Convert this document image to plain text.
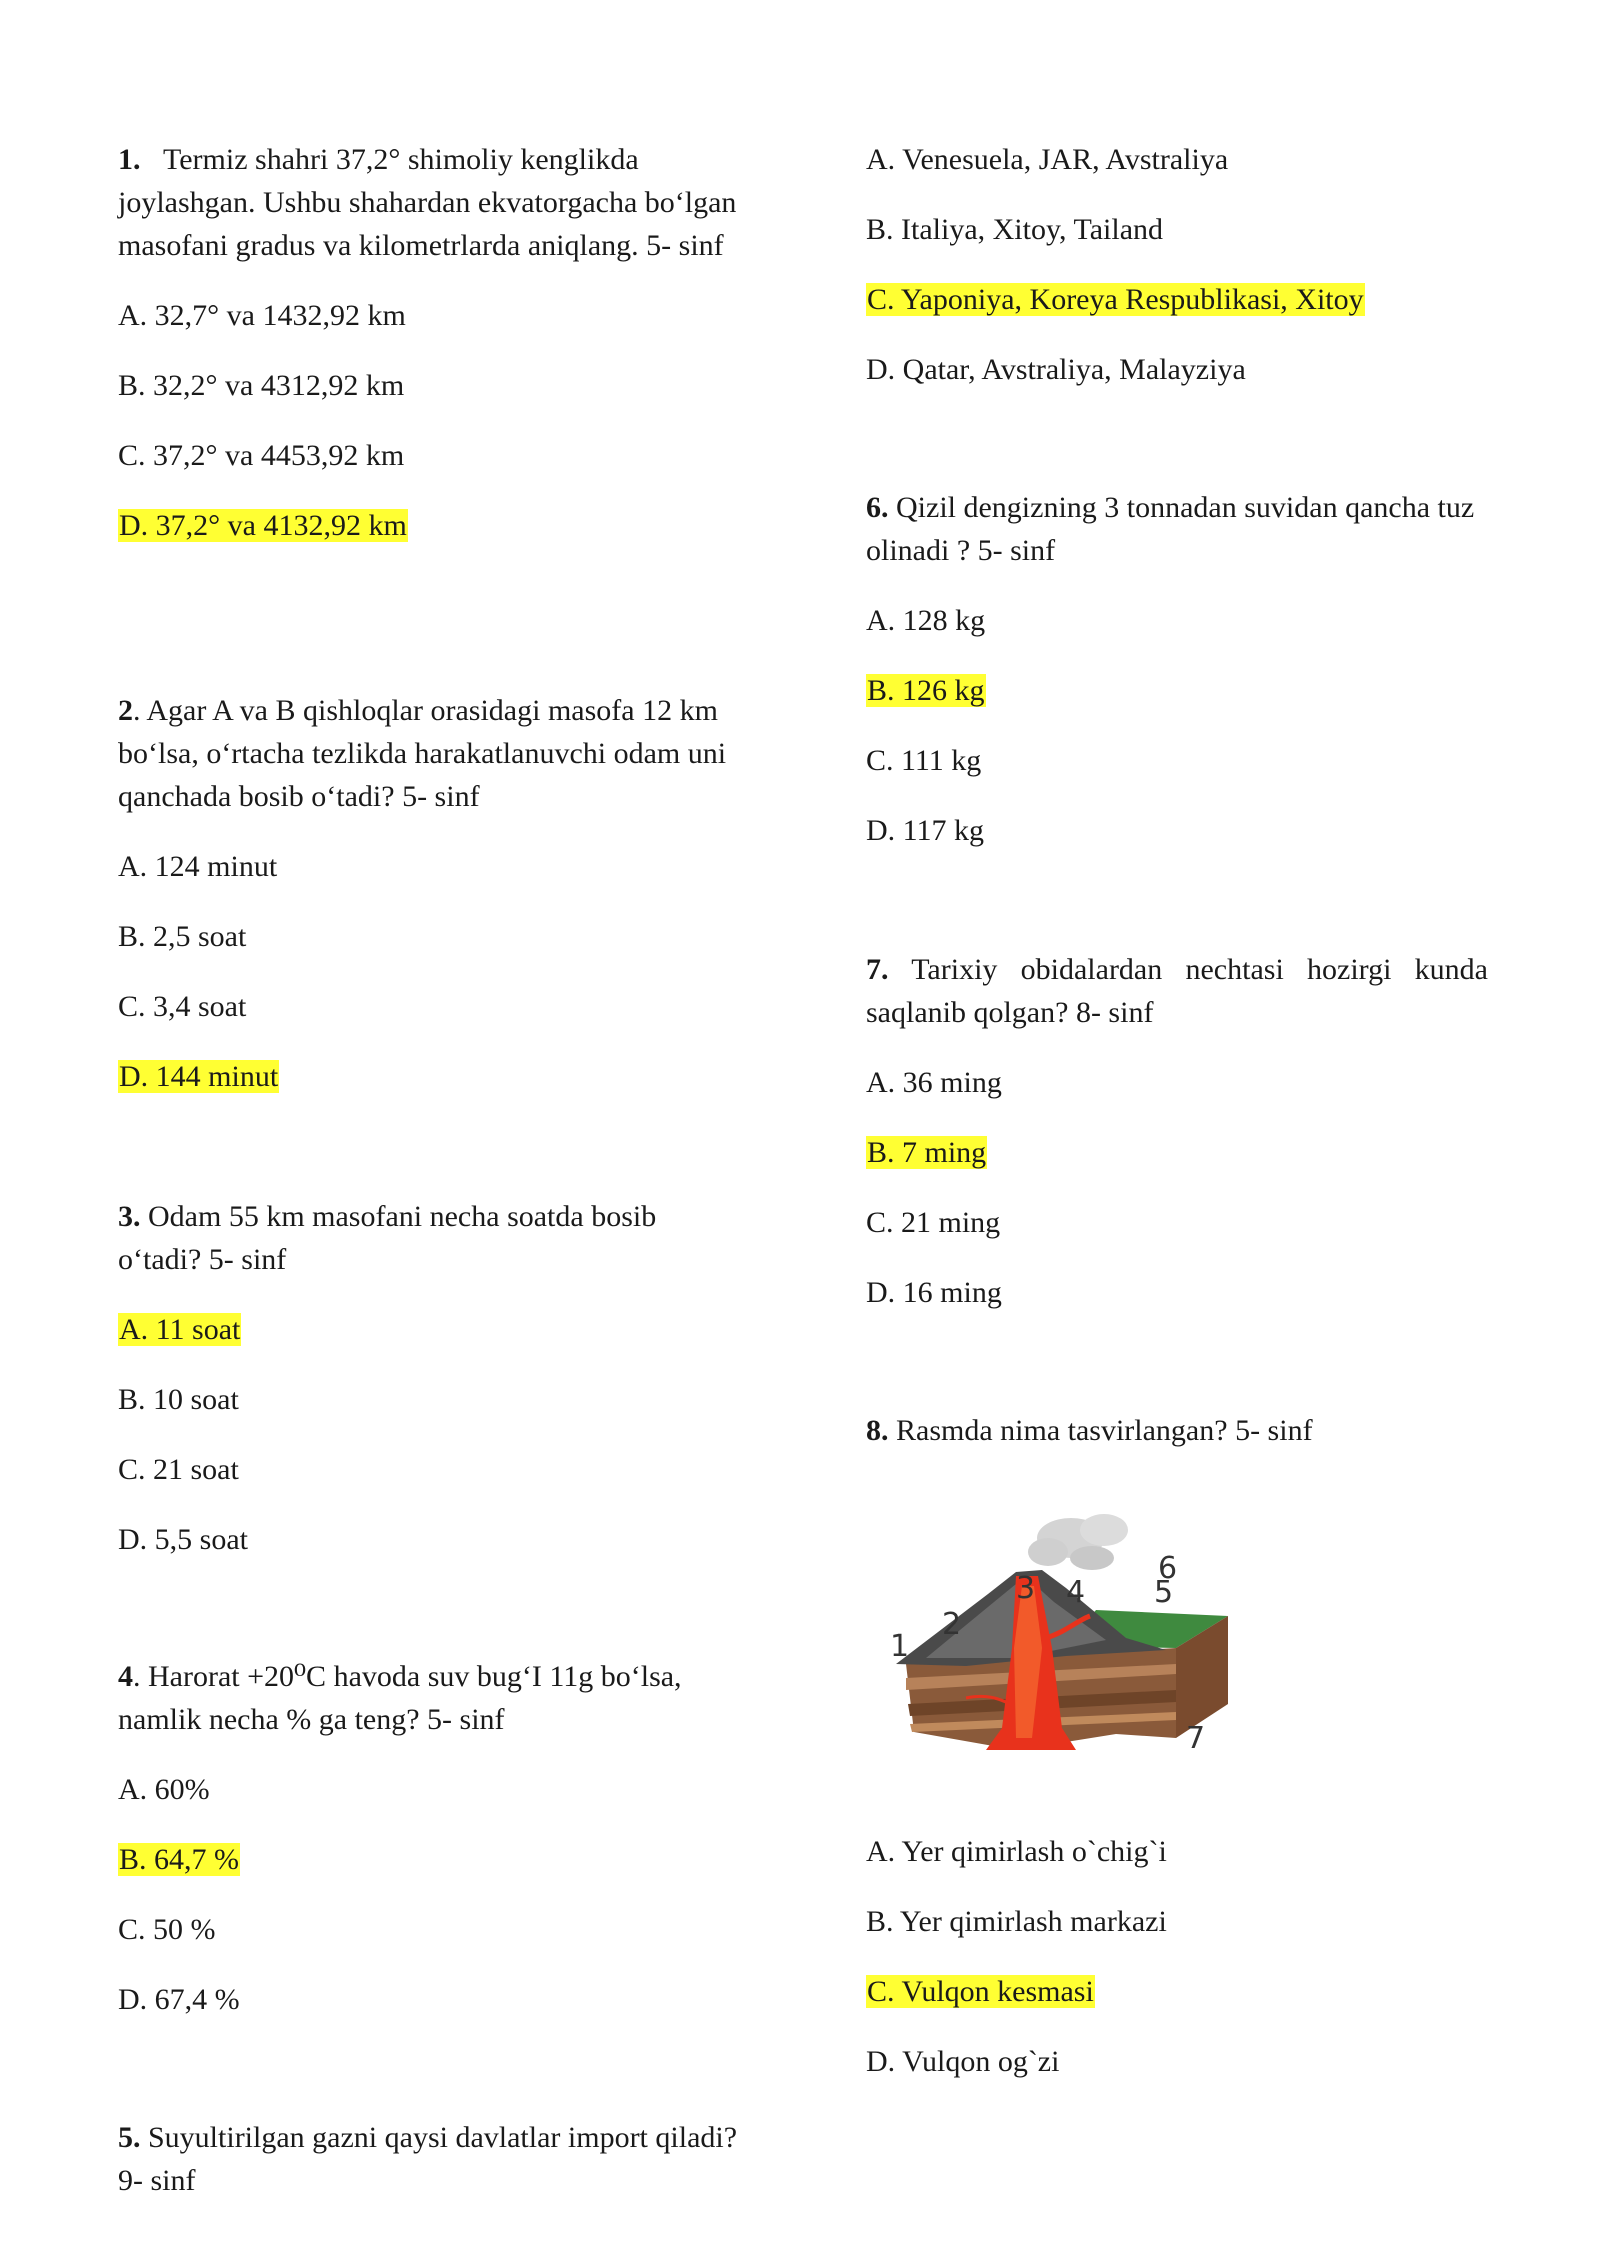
1. Termiz shahri 37,2° shimoliy kenglikda joylashgan. Ushbu shahardan ekvatorgacha bo‘lgan masofani gradus va kilometrlarda aniqlang. 5- sinf
A. 32,7° va 1432,92 km
B. 32,2° va 4312,92 km
C. 37,2° va 4453,92 km
D. 37,2° va 4132,92 km
2. Agar A va B qishloqlar orasidagi masofa 12 km bo‘lsa, o‘rtacha tezlikda harakatlanuvchi odam uni qanchada bosib o‘tadi? 5- sinf
A. 124 minut
B. 2,5 soat
C. 3,4 soat
D. 144 minut
3. Odam 55 km masofani necha soatda bosib o‘tadi? 5- sinf
A. 11 soat
B. 10 soat
C. 21 soat
D. 5,5 soat
4. Harorat +20⁰C havoda suv bug‘I 11g bo‘lsa, namlik necha % ga teng? 5- sinf
A. 60%
B. 64,7 %
C. 50 %
D. 67,4 %
5. Suyultirilgan gazni qaysi davlatlar import qiladi? 9- sinf
A. Venesuela, JAR, Avstraliya
B. Italiya, Xitoy, Tailand
C. Yaponiya, Koreya Respublikasi, Xitoy
D. Qatar, Avstraliya, Malayziya
6. Qizil dengizning 3 tonnadan suvidan qancha tuz olinadi ? 5- sinf
A. 128 kg
B. 126 kg
C. 111 kg
D. 117 kg
7. Tarixiy obidalardan nechtasi hozirgi kunda saqlanib qolgan? 8- sinf
A. 36 ming
B. 7 ming
C. 21 ming
D. 16 ming
8. Rasmda nima tasvirlangan? 5- sinf
1
2
3 4 5
6
7
A. Yer qimirlash o`chig`i
B. Yer qimirlash markazi
C. Vulqon kesmasi
D. Vulqon og`zi
